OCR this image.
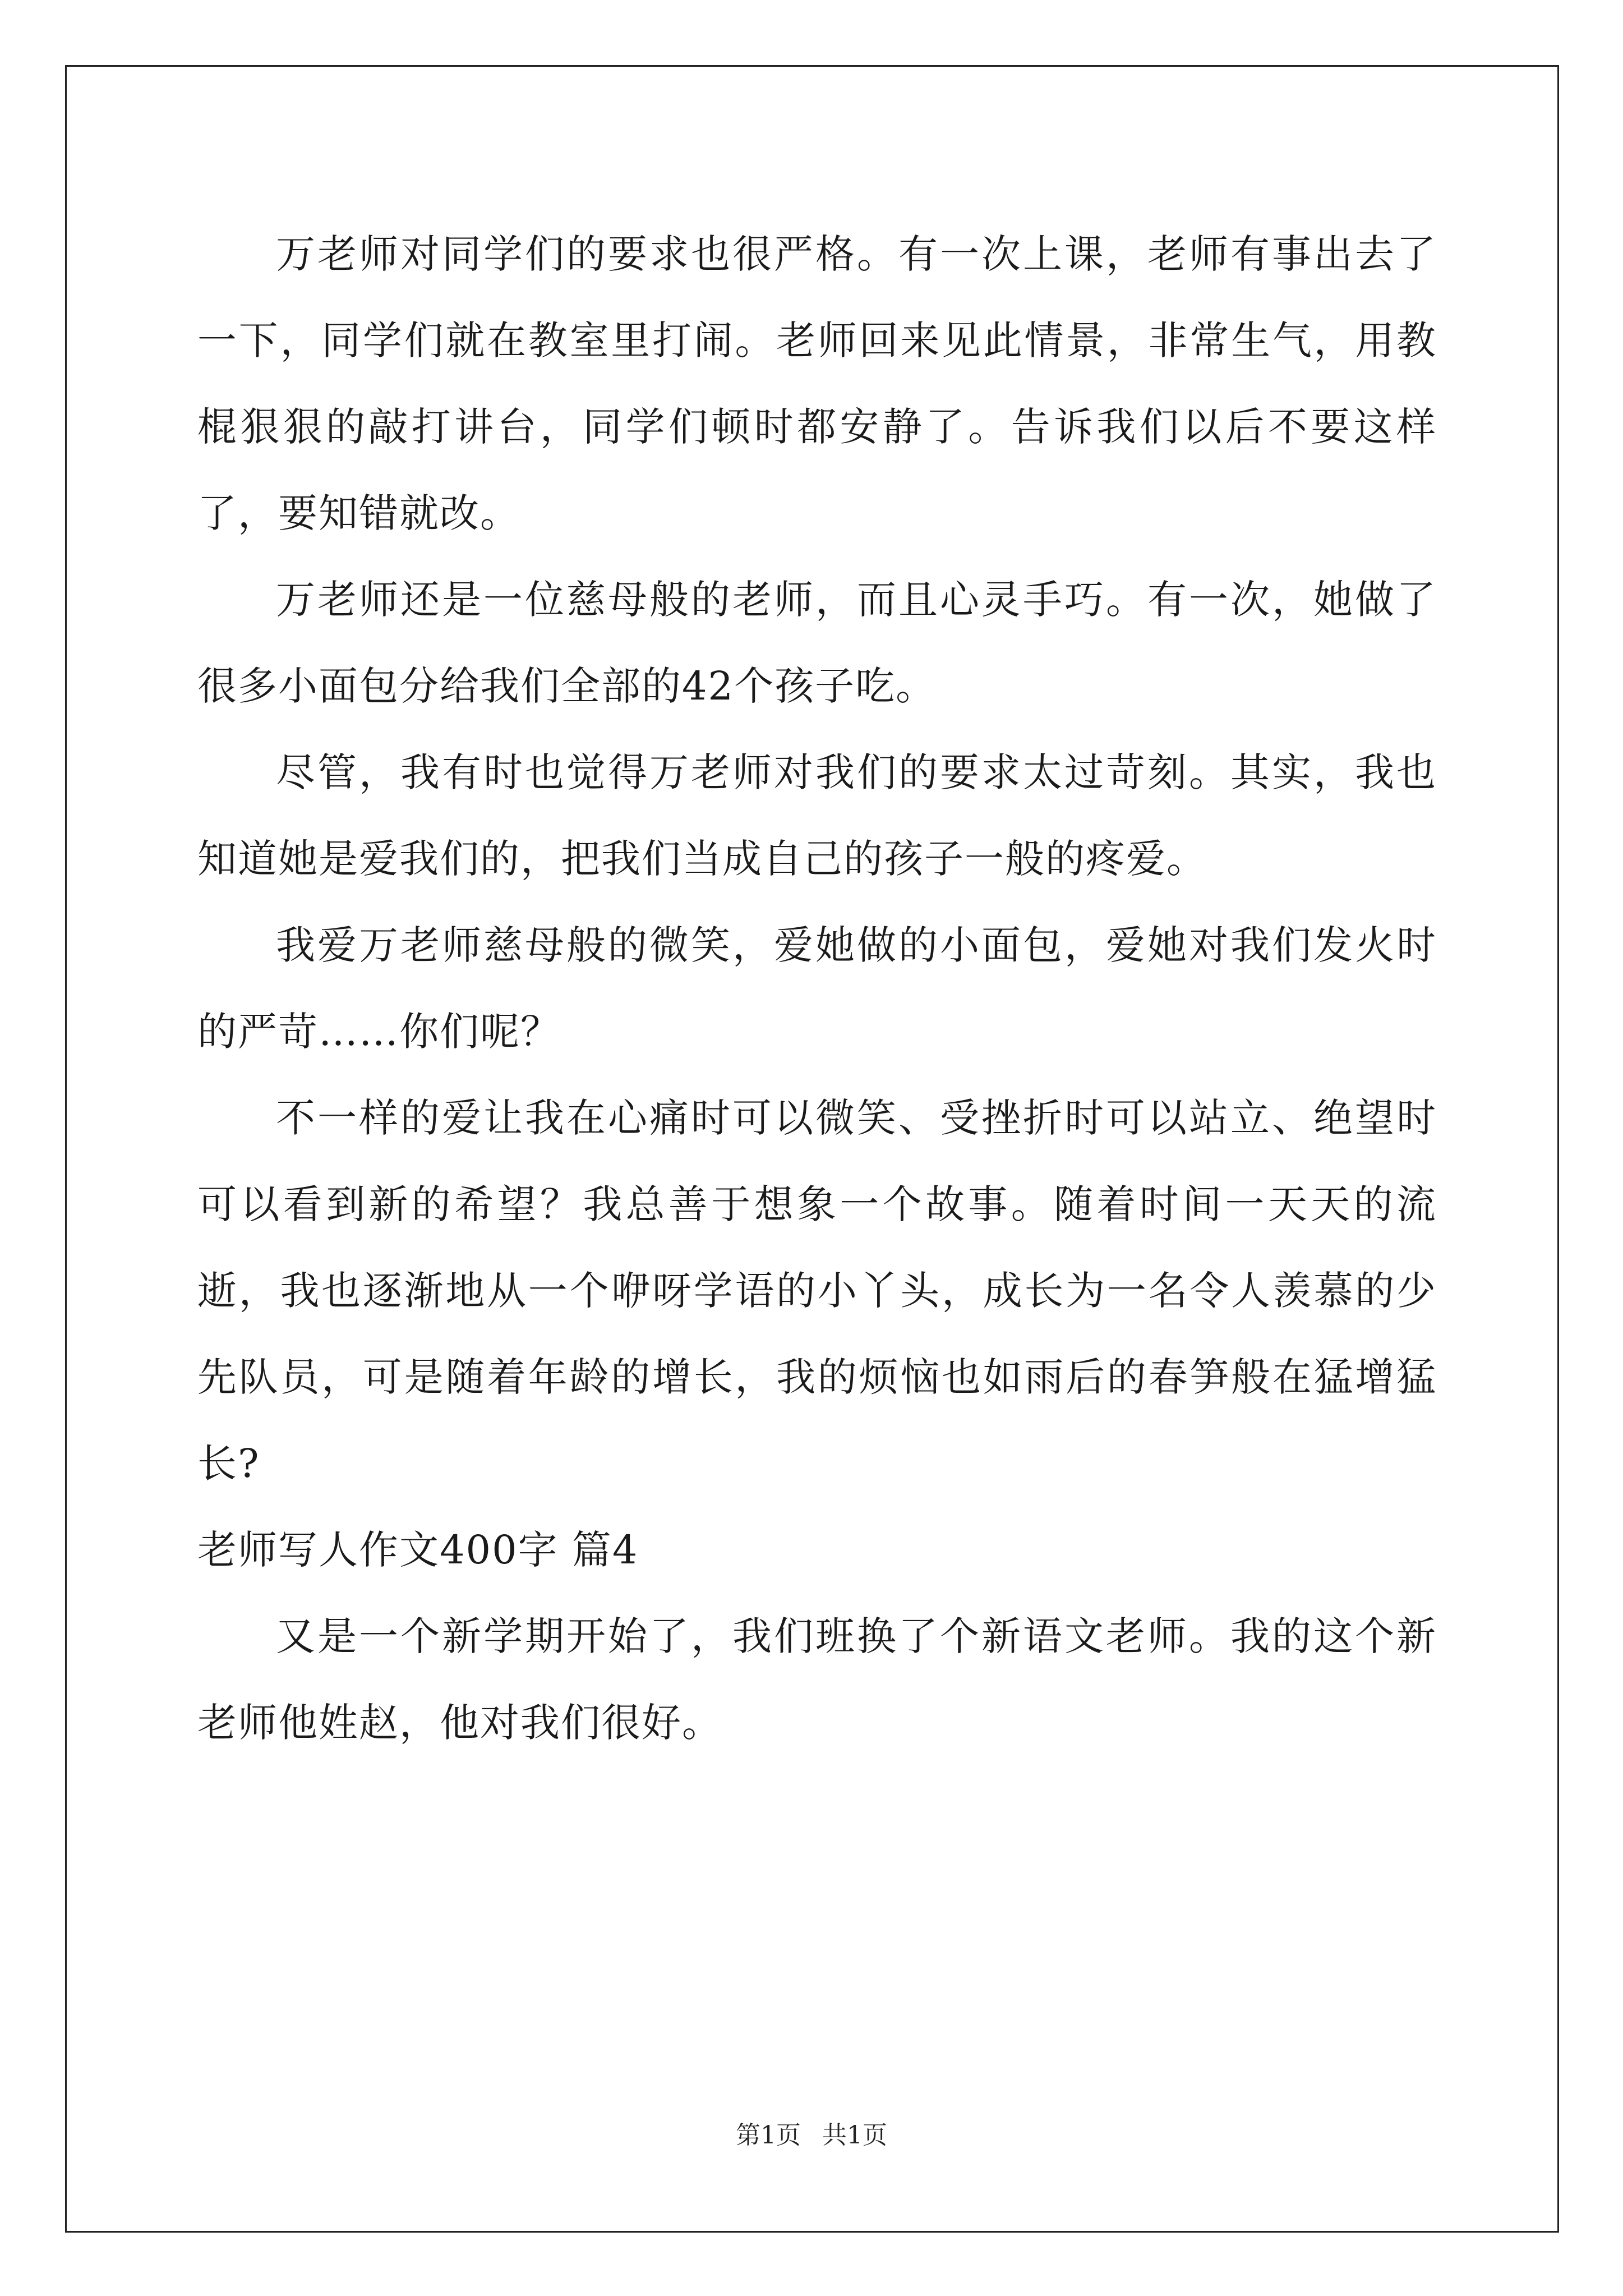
万老师对同学们的要求也很严格。有一次上课，老师有事出去了一下，同学们就在教室里打闹。老师回来见此情景，非常生气，用教棍狠狠的敲打讲台，同学们顿时都安静了。告诉我们以后不要这样了，要知错就改。

万老师还是一位慈母般的老师，而且心灵手巧。有一次，她做了很多小面包分给我们全部的42个孩子吃。

尽管，我有时也觉得万老师对我们的要求太过苛刻。其实，我也知道她是爱我们的，把我们当成自己的孩子一般的疼爱。

我爱万老师慈母般的微笑，爱她做的小面包，爱她对我们发火时的严苛……你们呢？

不一样的爱让我在心痛时可以微笑、受挫折时可以站立、绝望时可以看到新的希望？我总善于想象一个故事。随着时间一天天的流逝，我也逐渐地从一个咿呀学语的小丫头，成长为一名令人羡慕的少先队员，可是随着年龄的增长，我的烦恼也如雨后的春笋般在猛增猛长?

老师写人作文400字 篇4

又是一个新学期开始了，我们班换了个新语文老师。我的这个新老师他姓赵，他对我们很好。

第1页 共1页
